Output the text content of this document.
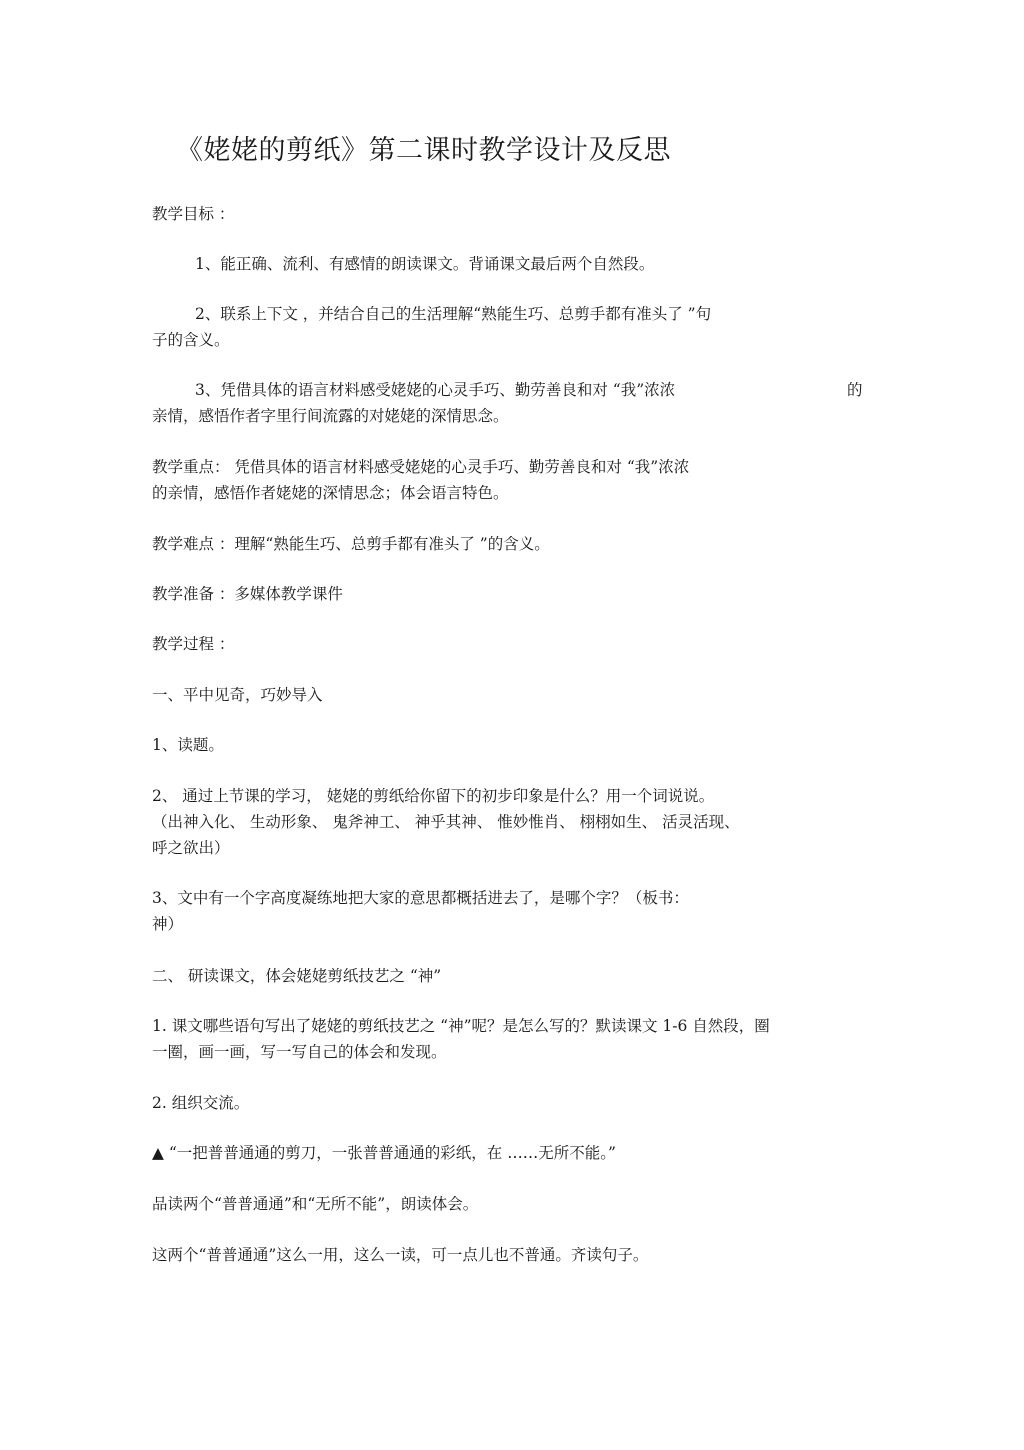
《姥姥的剪纸》第二课时教学设计及反思
教学目标 ：
1、能正确、流利、有感情的朗读课文。背诵课文最后两个自然段。
2、联系上下文 ，并结合自己的生活理解“熟能生巧、总剪手都有准头了 ”句
子的含义。
3、凭借具体的语言材料感受姥姥的心灵手巧、勤劳善良和对 “我”浓浓	的
亲情，感悟作者字里行间流露的对姥姥的深情思念。
教学重点： 凭借具体的语言材料感受姥姥的心灵手巧、勤劳善良和对 “我”浓浓
的亲情，感悟作者姥姥的深情思念；体会语言特色。
教学难点 ：理解“熟能生巧、总剪手都有准头了 ”的含义。
教学准备 ：多媒体教学课件
教学过程 ：
一、平中见奇，巧妙导入
1、读题。
2、 通过上节课的学习， 姥姥的剪纸给你留下的初步印象是什么？用一个词说说。
（出神入化、 生动形象、 鬼斧神工、 神乎其神、 惟妙惟肖、 栩栩如生、 活灵活现、
呼之欲出）
3、文中有一个字高度凝练地把大家的意思都概括进去了，是哪个字？（板书：
神）
二、 研读课文，体会姥姥剪纸技艺之 “神”
1. 课文哪些语句写出了姥姥的剪纸技艺之 “神”呢？是怎么写的？默读课文 1-6 自然段，圈
一圈，画一画，写一写自己的体会和发现。
2. 组织交流。
▲ “一把普普通通的剪刀，一张普普通通的彩纸，在 ……无所不能。”
品读两个“普普通通”和“无所不能”，朗读体会。
这两个“普普通通”这么一用，这么一读，可一点儿也不普通。齐读句子。
